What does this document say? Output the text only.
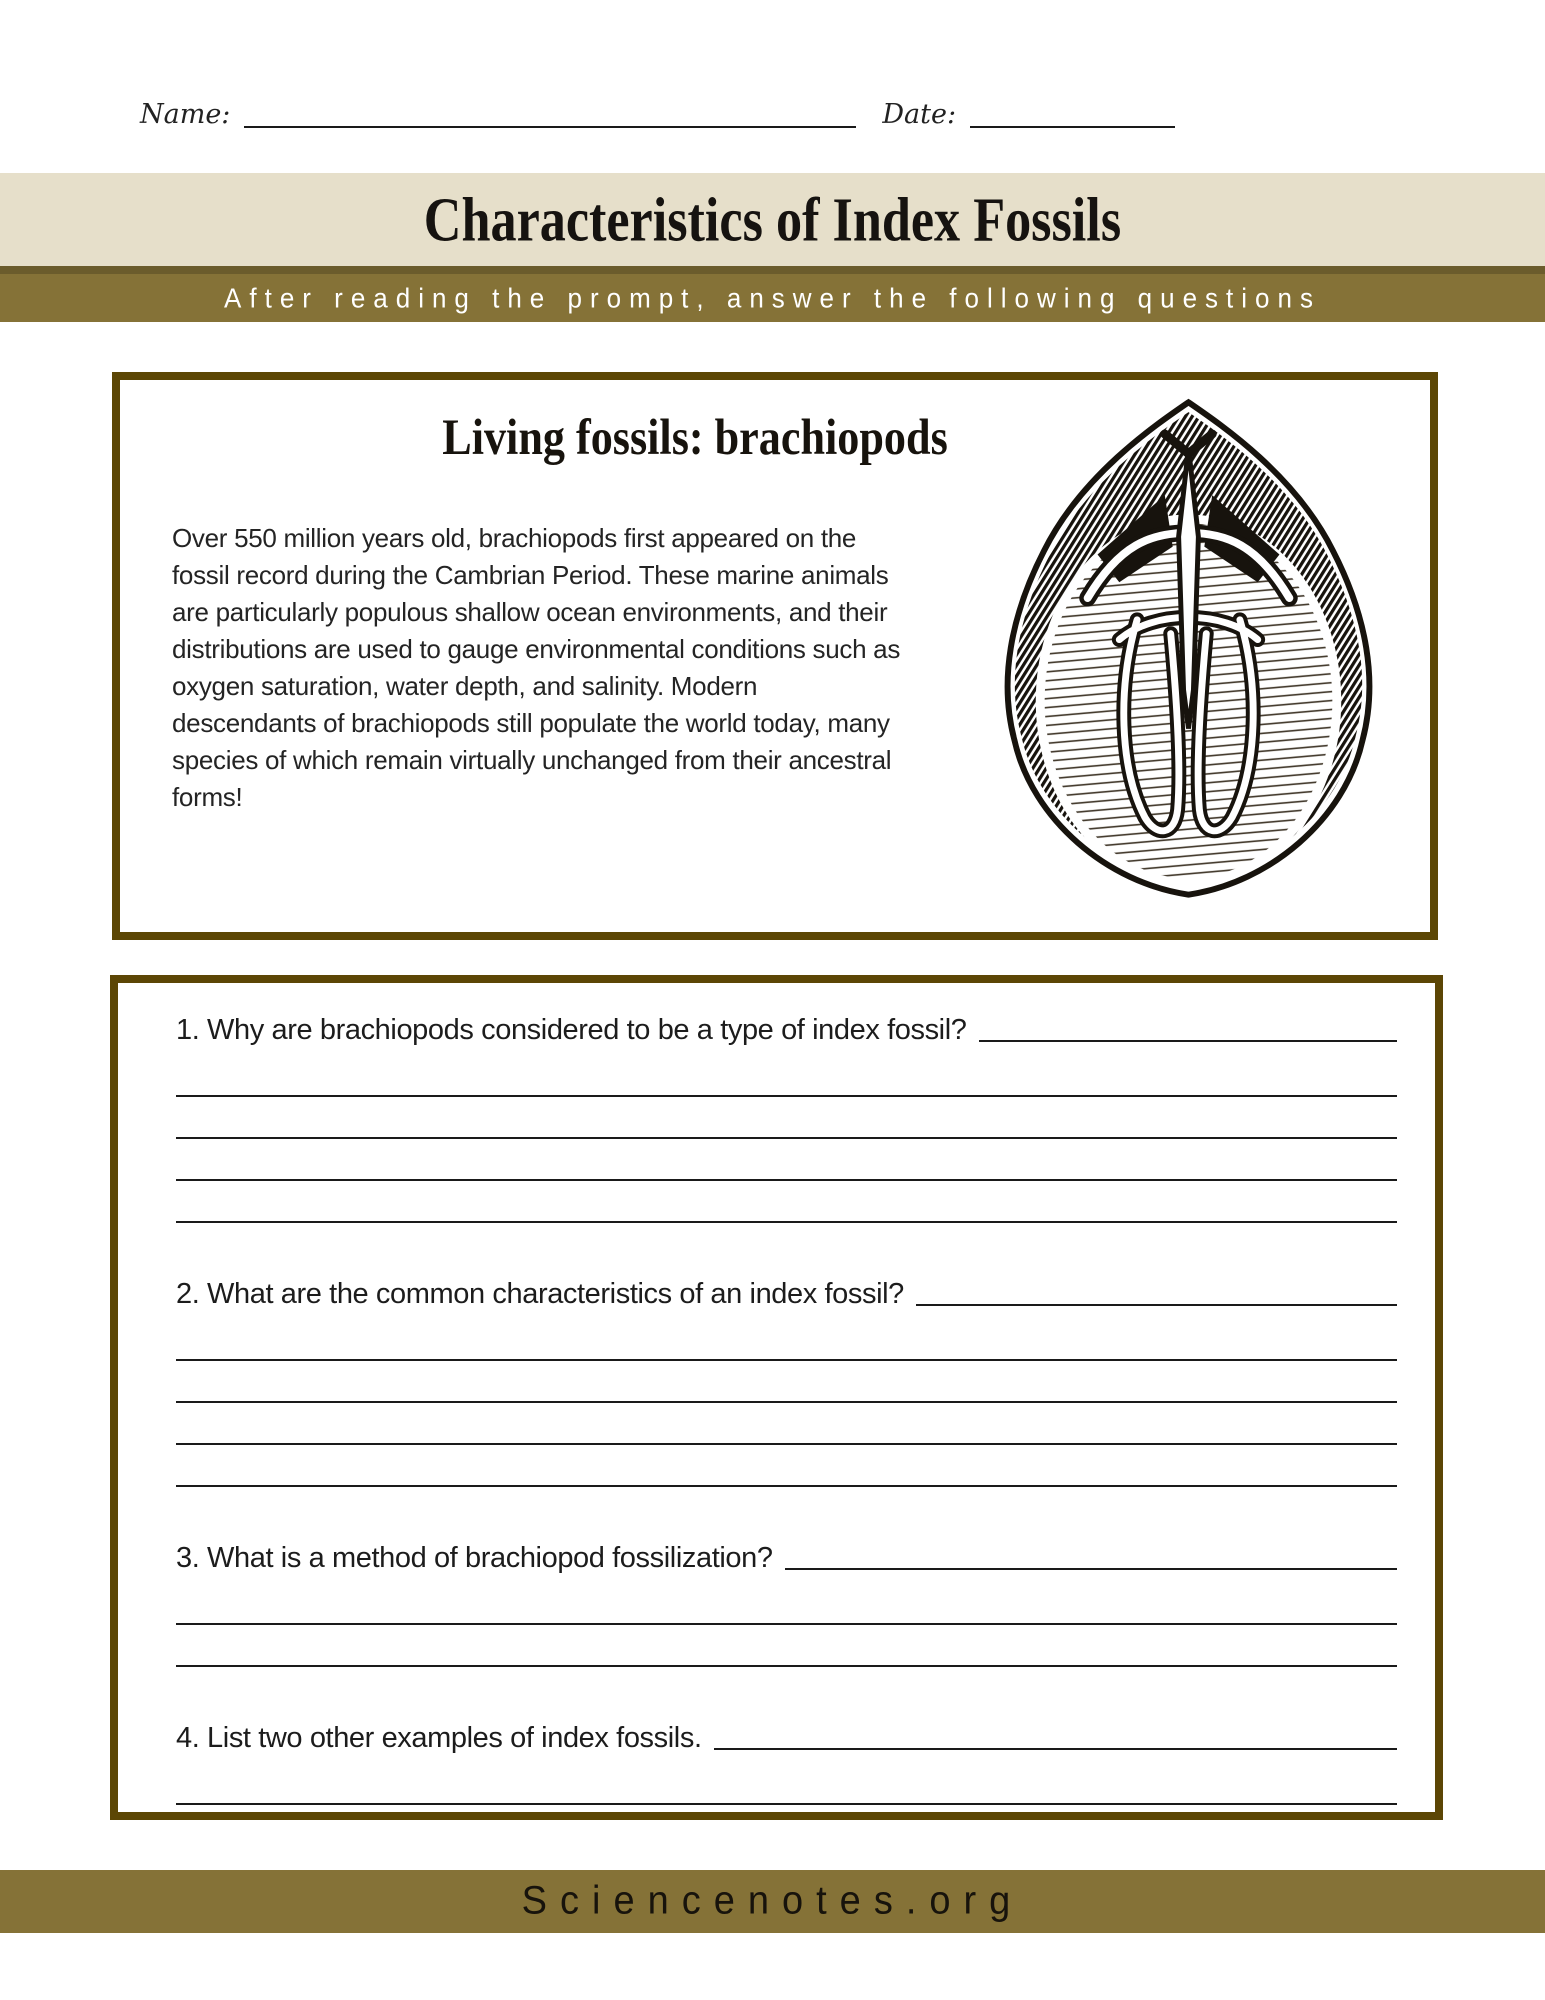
Name:	Date:
Characteristics of Index Fossils
After reading the prompt, answer the following questions
Living fossils: brachiopods
Over 550 million years old, brachiopods first appeared on the fossil record during the Cambrian Period. These marine animals are particularly populous shallow ocean environments, and their distributions are used to gauge environmental conditions such as oxygen saturation, water depth, and salinity. Modern descendants of brachiopods still populate the world today, many species of which remain virtually unchanged from their ancestral forms!
1. Why are brachiopods considered to be a type of index fossil?
2. What are the common characteristics of an index fossil?
3. What is a method of brachiopod fossilization?
4. List two other examples of index fossils.
Sciencenotes.org
